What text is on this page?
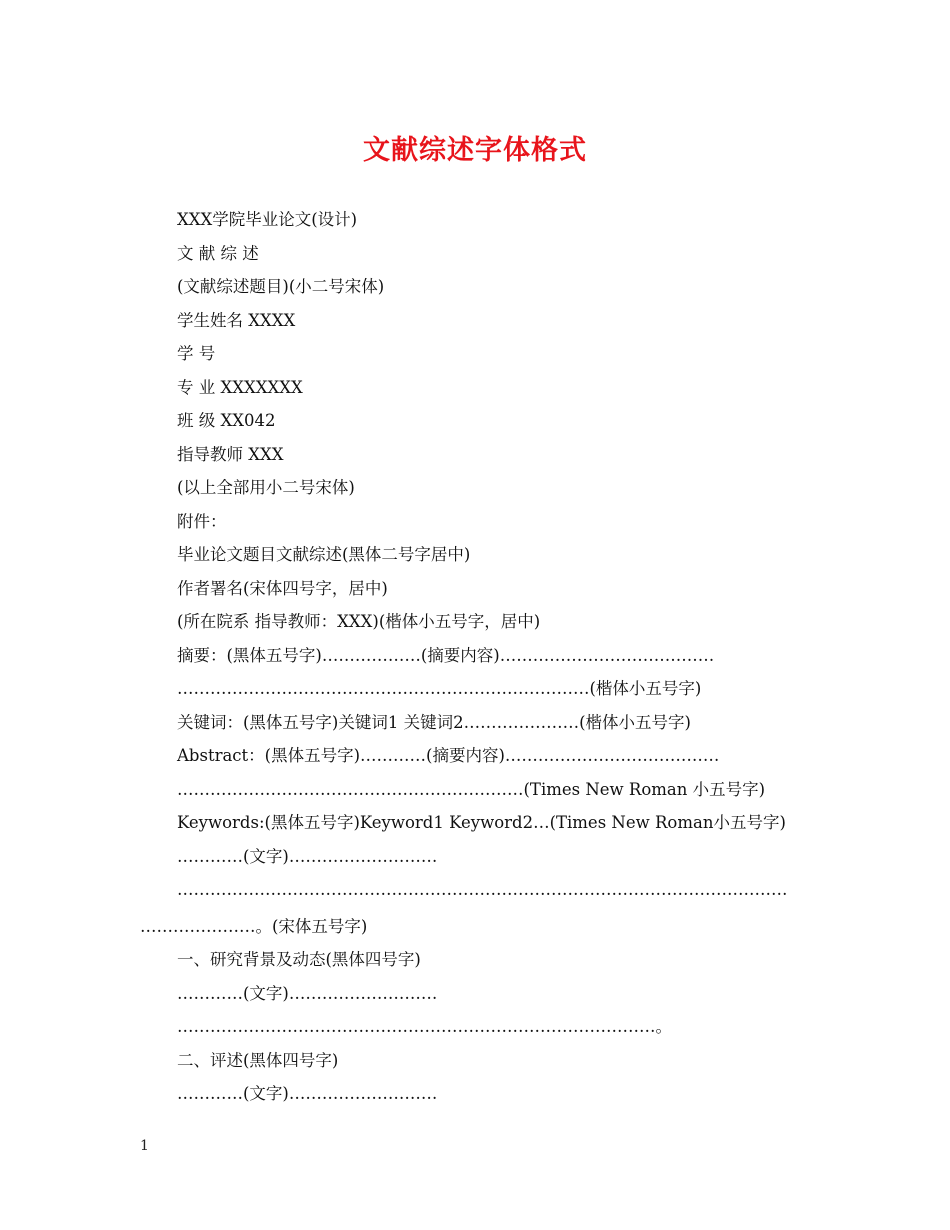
文献综述字体格式
XXX学院毕业论文(设计)
文 献 综 述
(文献综述题目)(小二号宋体)
学生姓名 XXXX
学 号
专 业 XXXXXXX
班 级 XX042
指导教师 XXX
(以上全部用小二号宋体)
附件：
毕业论文题目文献综述(黑体二号字居中)
作者署名(宋体四号字，居中)
(所在院系 指导教师：XXX)(楷体小五号字，居中)
摘要：(黑体五号字)………………(摘要内容)…………………………………
…………………………………………………………………(楷体小五号字)
关键词：(黑体五号字)关键词1 关键词2…………………(楷体小五号字)
Abstract：(黑体五号字)…………(摘要内容)…………………………………
………………………………………………………(Times New Roman 小五号字)
Keywords:(黑体五号字)Keyword1 Keyword2…(Times New Roman小五号字)
…………(文字)………………………
…………………………………………………………………………………………………
…………………。(宋体五号字)
一、研究背景及动态(黑体四号字)
…………(文字)………………………
……………………………………………………………………………。
二、评述(黑体四号字)
…………(文字)………………………
1
